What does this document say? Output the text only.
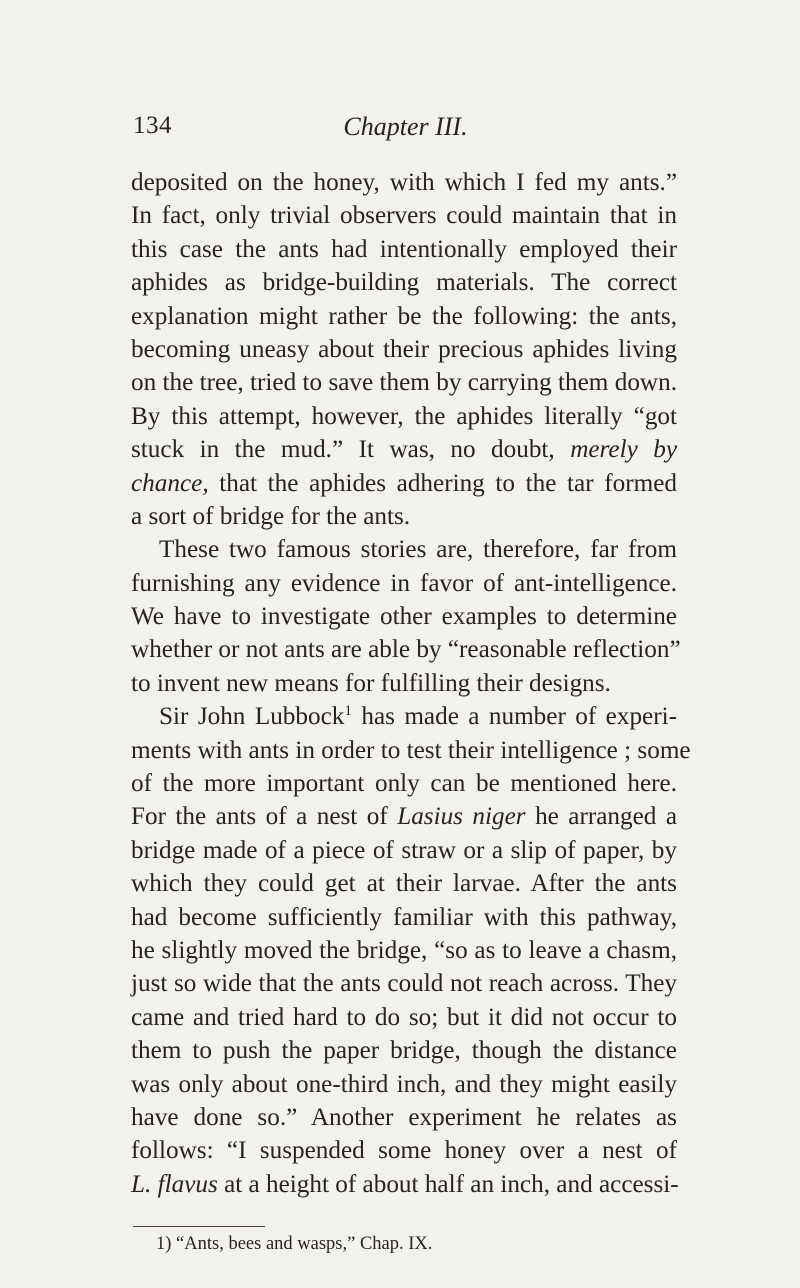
134	Chapter III.
deposited on the honey, with which I fed my ants.”
In fact, only trivial observers could maintain that in
this case the ants had intentionally employed their
aphides as bridge-building materials. The correct
explanation might rather be the following: the ants,
becoming uneasy about their precious aphides living
on the tree, tried to save them by carrying them down.
By this attempt, however, the aphides literally “got
stuck in the mud.” It was, no doubt, merely by
chance, that the aphides adhering to the tar formed
a sort of bridge for the ants.
These two famous stories are, therefore, far from
furnishing any evidence in favor of ant-intelligence.
We have to investigate other examples to determine
whether or not ants are able by “reasonable reflection”
to invent new means for fulfilling their designs.
Sir John Lubbock$^1$ has made a number of experi-
ments with ants in order to test their intelligence ; some
of the more important only can be mentioned here.
For the ants of a nest of Lasius niger he arranged a
bridge made of a piece of straw or a slip of paper, by
which they could get at their larvae. After the ants
had become sufficiently familiar with this pathway,
he slightly moved the bridge, “so as to leave a chasm,
just so wide that the ants could not reach across. They
came and tried hard to do so; but it did not occur to
them to push the paper bridge, though the distance
was only about one-third inch, and they might easily
have done so.” Another experiment he relates as
follows: “I suspended some honey over a nest of
L. flavus at a height of about half an inch, and accessi-
1) “Ants, bees and wasps,” Chap. IX.
